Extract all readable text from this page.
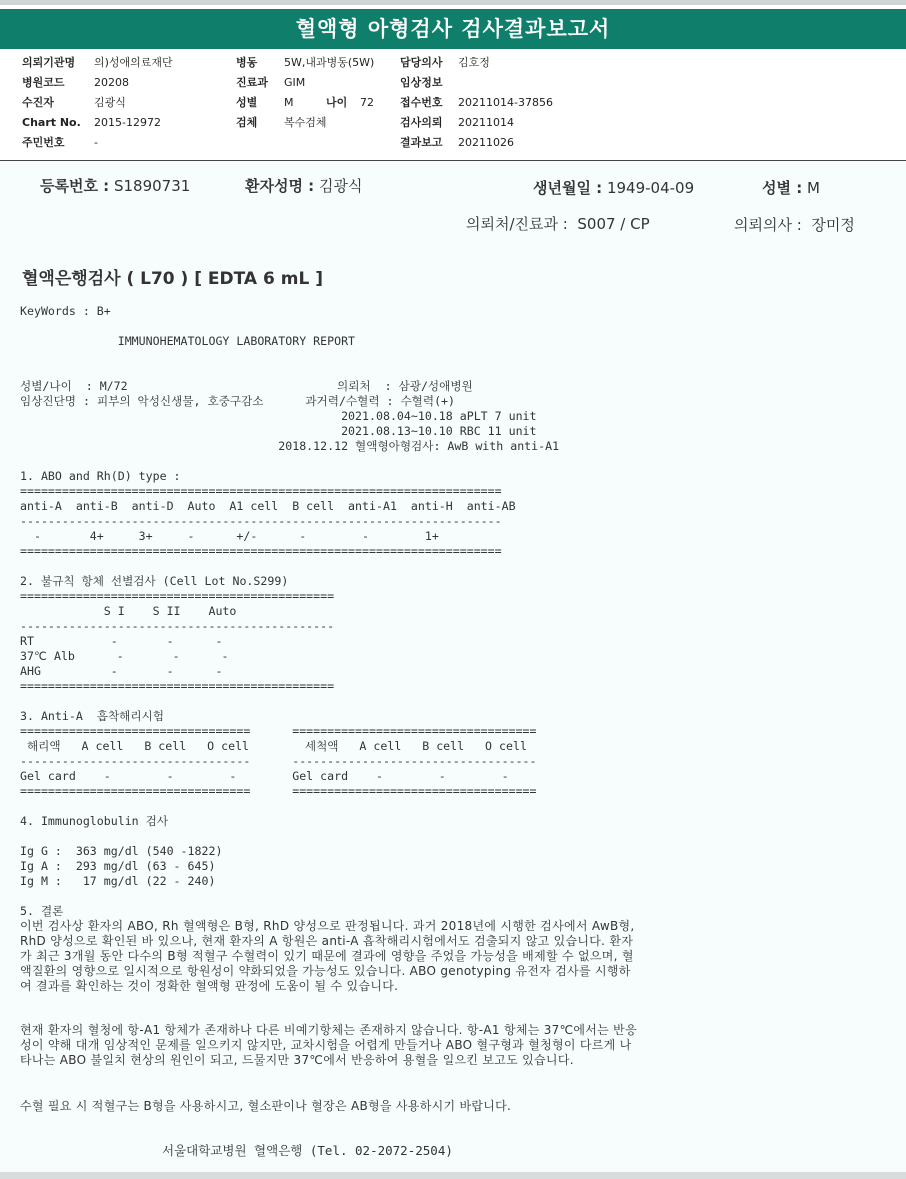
혈액형 아형검사 검사결과보고서
의뢰기관명 의)성애의료재단
병원코드	20208
수진자	김광식
Chart No. 2015-12972
주민번호	-
병동 5W,내과병동(5W)
진료과 GIM
성별 M	나이 72
검체 복수검체
담당의사 김호정
임상정보
접수번호 20211014-37856
검사의뢰 20211014
결과보고 20211026
등록번호 : S1890731	환자성명 : 김광식	생년월일 : 1949-04-09	성별 : M
의뢰처/진료과 : S007 / CP	의뢰의사 : 장미정
혈액은행검사 ( L70 ) [ EDTA 6 mL ]
KeyWords : B+
IMMUNOHEMATOLOGY LABORATORY REPORT
성별/나이  : M/72                              의뢰처  : 삼광/성애병원
임상진단명 : 피부의 악성신생물, 호중구감소      과거력/수혈력 : 수혈력(+)
2021.08.04~10.18 aPLT 7 unit
2021.08.13~10.10 RBC 11 unit
2018.12.12 혈액형아형검사: AwB with anti-A1
1. ABO and Rh(D) type :
=====================================================================
anti-A  anti-B  anti-D  Auto  A1 cell  B cell  anti-A1  anti-H  anti-AB
---------------------------------------------------------------------
-       4+     3+     -      +/-      -        -        1+
=====================================================================
2. 불규칙 항체 선별검사 (Cell Lot No.S299)
=============================================
S I    S II    Auto
---------------------------------------------
RT           -       -      -
37℃ Alb      -       -      -
AHG          -       -      -
=============================================
3. Anti-A  흡착해리시험
=================================      ===================================
해리액   A cell   B cell   O cell        세척액   A cell   B cell   O cell
---------------------------------      -----------------------------------
Gel card    -        -        -        Gel card    -        -        -
=================================      ===================================
4. Immunoglobulin 검사
Ig G :  363 mg/dl (540 -1822)
Ig A :  293 mg/dl (63 - 645)
Ig M :   17 mg/dl (22 - 240)
5. 결론
이번 검사상 환자의 ABO, Rh 혈액형은 B형, RhD 양성으로 판정됩니다. 과거 2018년에 시행한 검사에서 AwB형, RhD 양성으로 확인된 바 있으나, 현재 환자의 A 항원은 anti-A 흡착해리시험에서도 검출되지 않고 있습니다. 환자가 최근 3개월 동안 다수의 B형 적혈구 수혈력이 있기 때문에 결과에 영향을 주었을 가능성을 배제할 수 없으며, 혈액질환의 영향으로 일시적으로 항원성이 약화되었을 가능성도 있습니다. ABO genotyping 유전자 검사를 시행하여 결과를 확인하는 것이 정확한 혈액형 판정에 도움이 될 수 있습니다.
현재 환자의 혈청에 항-A1 항체가 존재하나 다른 비예기항체는 존재하지 않습니다. 항-A1 항체는 37℃에서는 반응성이 약해 대개 임상적인 문제를 일으키지 않지만, 교차시험을 어렵게 만들거나 ABO 혈구형과 혈청형이 다르게 나타나는 ABO 불일치 현상의 원인이 되고, 드물지만 37℃에서 반응하여 용혈을 일으킨 보고도 있습니다.
수혈 필요 시 적혈구는 B형을 사용하시고, 혈소판이나 혈장은 AB형을 사용하시기 바랍니다.
서울대학교병원 혈액은행 (Tel. 02-2072-2504)
